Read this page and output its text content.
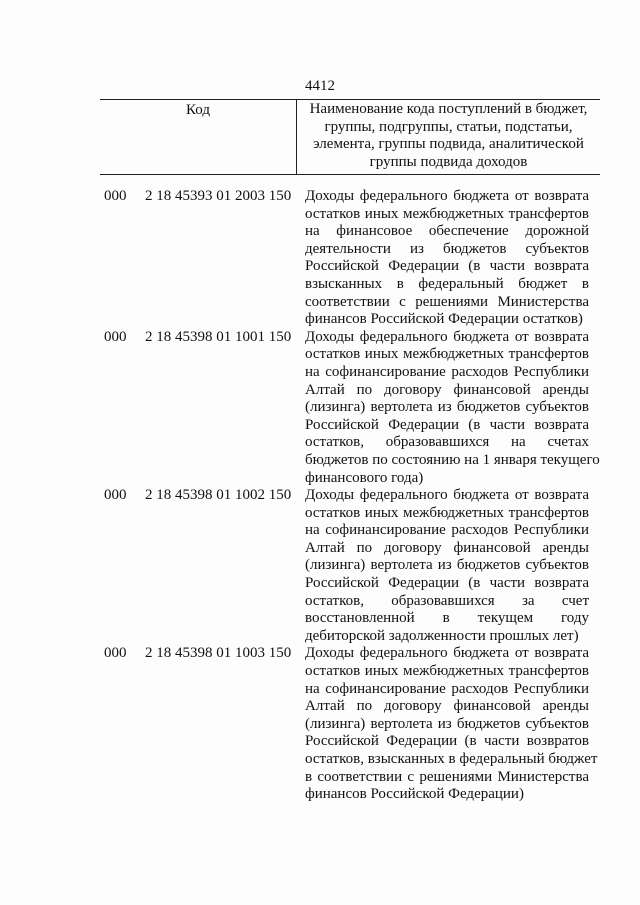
4412
Код	Наименование кода поступлений в бюджет,
группы, подгруппы, статьи, подстатьи,
элемента, группы подвида, аналитической
группы подвида доходов
000 2 18 45393 01 2003 150 Доходы федерального бюджета от возврата
остатков иных межбюджетных трансфертов
на финансовое обеспечение дорожной
деятельности из бюджетов субъектов
Российской Федерации (в части возврата
взысканных в федеральный бюджет в
соответствии с решениями Министерства
финансов Российской Федерации остатков)
000 2 18 45398 01 1001 150 Доходы федерального бюджета от возврата
остатков иных межбюджетных трансфертов
на софинансирование расходов Республики
Алтай по договору финансовой аренды
(лизинга) вертолета из бюджетов субъектов
Российской Федерации (в части возврата
остатков, образовавшихся на счетах
бюджетов по состоянию на 1 января текущего
финансового года)
000 2 18 45398 01 1002 150 Доходы федерального бюджета от возврата
остатков иных межбюджетных трансфертов
на софинансирование расходов Республики
Алтай по договору финансовой аренды
(лизинга) вертолета из бюджетов субъектов
Российской Федерации (в части возврата
остатков, образовавшихся за счет
восстановленной в текущем году
дебиторской задолженности прошлых лет)
000 2 18 45398 01 1003 150 Доходы федерального бюджета от возврата
остатков иных межбюджетных трансфертов
на софинансирование расходов Республики
Алтай по договору финансовой аренды
(лизинга) вертолета из бюджетов субъектов
Российской Федерации (в части возвратов
остатков, взысканных в федеральный бюджет
в соответствии с решениями Министерства
финансов Российской Федерации)
